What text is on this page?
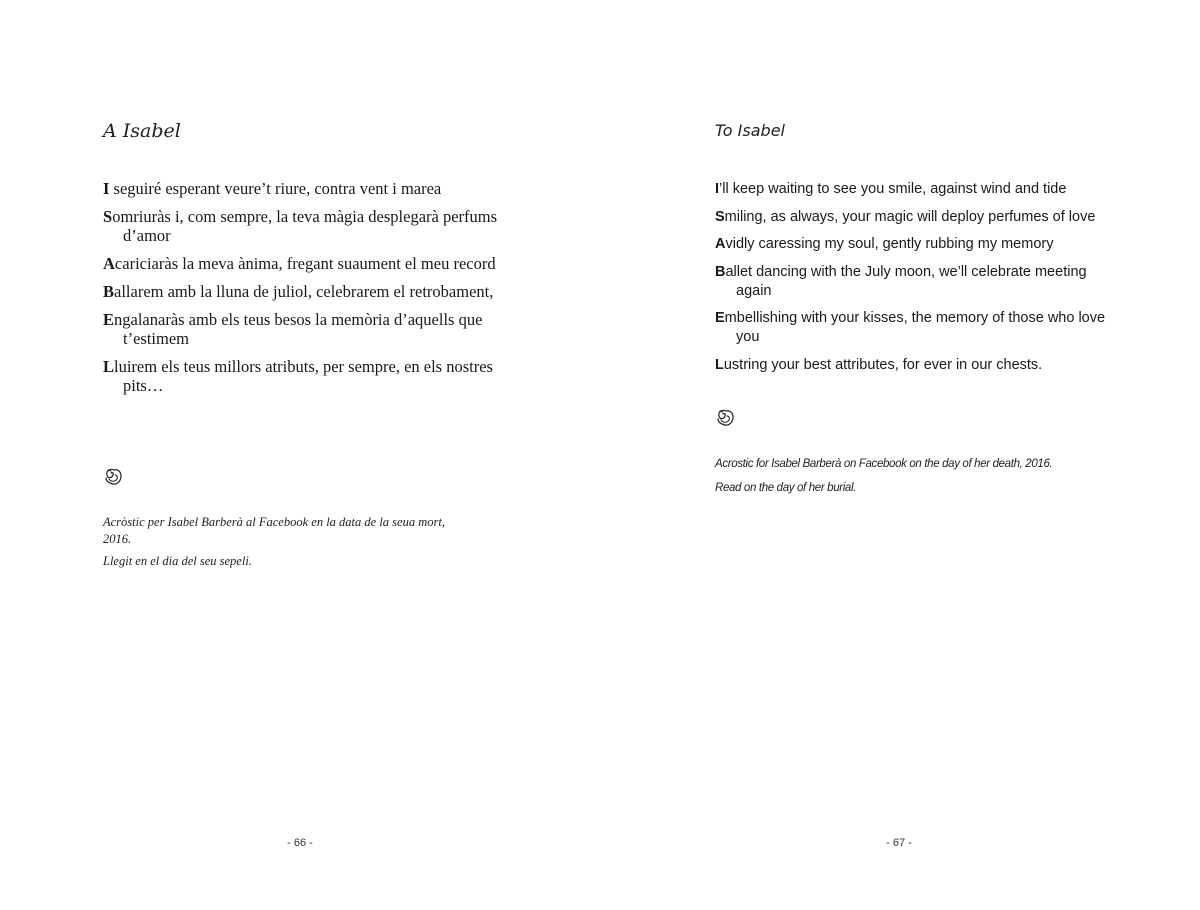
A Isabel
I seguiré esperant veure’t riure, contra vent i marea
Somriuràs i, com sempre, la teva màgia desplegarà perfums d’amor
Acariciaràs la meva ànima, fregant suaument el meu record
Ballarem amb la lluna de juliol, celebrarem el retrobament,
Engalanaràs amb els teus besos la memòria d’aquells que t’estimem
Lluirem els teus millors atributs, per sempre, en els nostres pits…

Acròstic per Isabel Barberà al Facebook en la data de la seua mort, 2016.

Llegit en el dia del seu sepeli.

- 66 -
To Isabel
I’ll keep waiting to see you smile, against wind and tide
Smiling, as always, your magic will deploy perfumes of love
Avidly caressing my soul, gently rubbing my memory
Ballet dancing with the July moon, we’ll celebrate meeting again
Embellishing with your kisses, the memory of those who love you
Lustring your best attributes, for ever in our chests.

Acrostic for Isabel Barberà on Facebook on the day of her death, 2016.

Read on the day of her burial.

- 67 -
